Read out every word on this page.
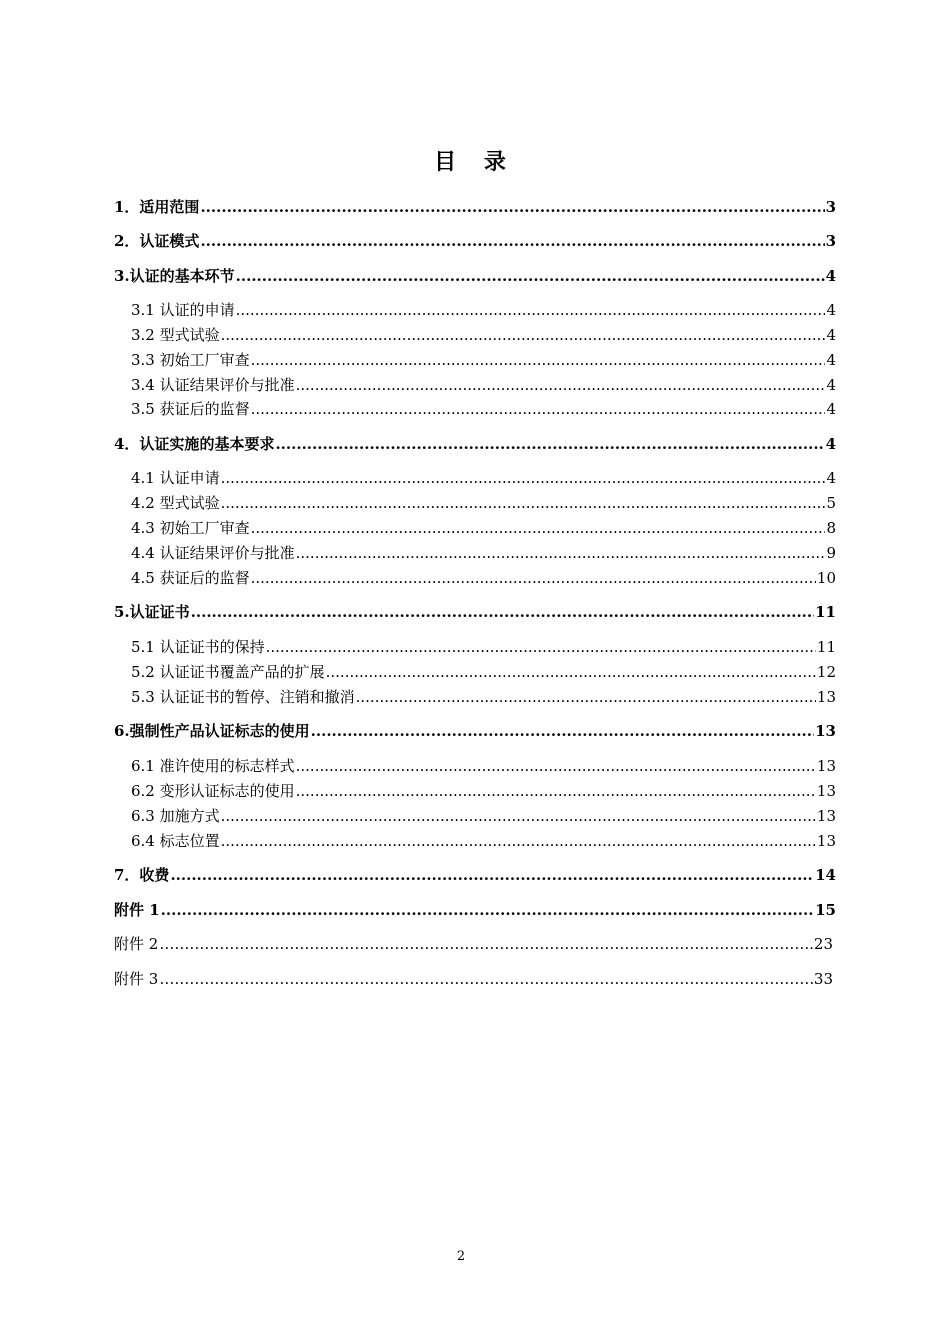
目 录
1．适用范围 .....	3
2．认证模式 .....	3
3.认证的基本环节 .....	4
3.1 认证的申请 .....	4
3.2 型式试验 .....	4
3.3 初始工厂审查 .....	4
3.4 认证结果评价与批准 .....	4
3.5 获证后的监督 .....	4
4．认证实施的基本要求 .....	4
4.1 认证申请 .....	4
4.2 型式试验 .....	5
4.3 初始工厂审查 .....	8
4.4 认证结果评价与批准 .....	9
4.5 获证后的监督 .....	10
5.认证证书 .....	11
5.1 认证证书的保持 .....	11
5.2 认证证书覆盖产品的扩展 .....	12
5.3 认证证书的暂停、注销和撤消 .....	13
6.强制性产品认证标志的使用 .....	13
6.1 准许使用的标志样式 .....	13
6.2 变形认证标志的使用 .....	13
6.3 加施方式 .....	13
6.4 标志位置 .....	13
7．收费 .....	14
附件 1 .....	15
附件 2 ……………………………………………………………………………………………………………………………………………………	.23
附件 3 ……………………………………………………………………………………………………………………………………………………	33
2
